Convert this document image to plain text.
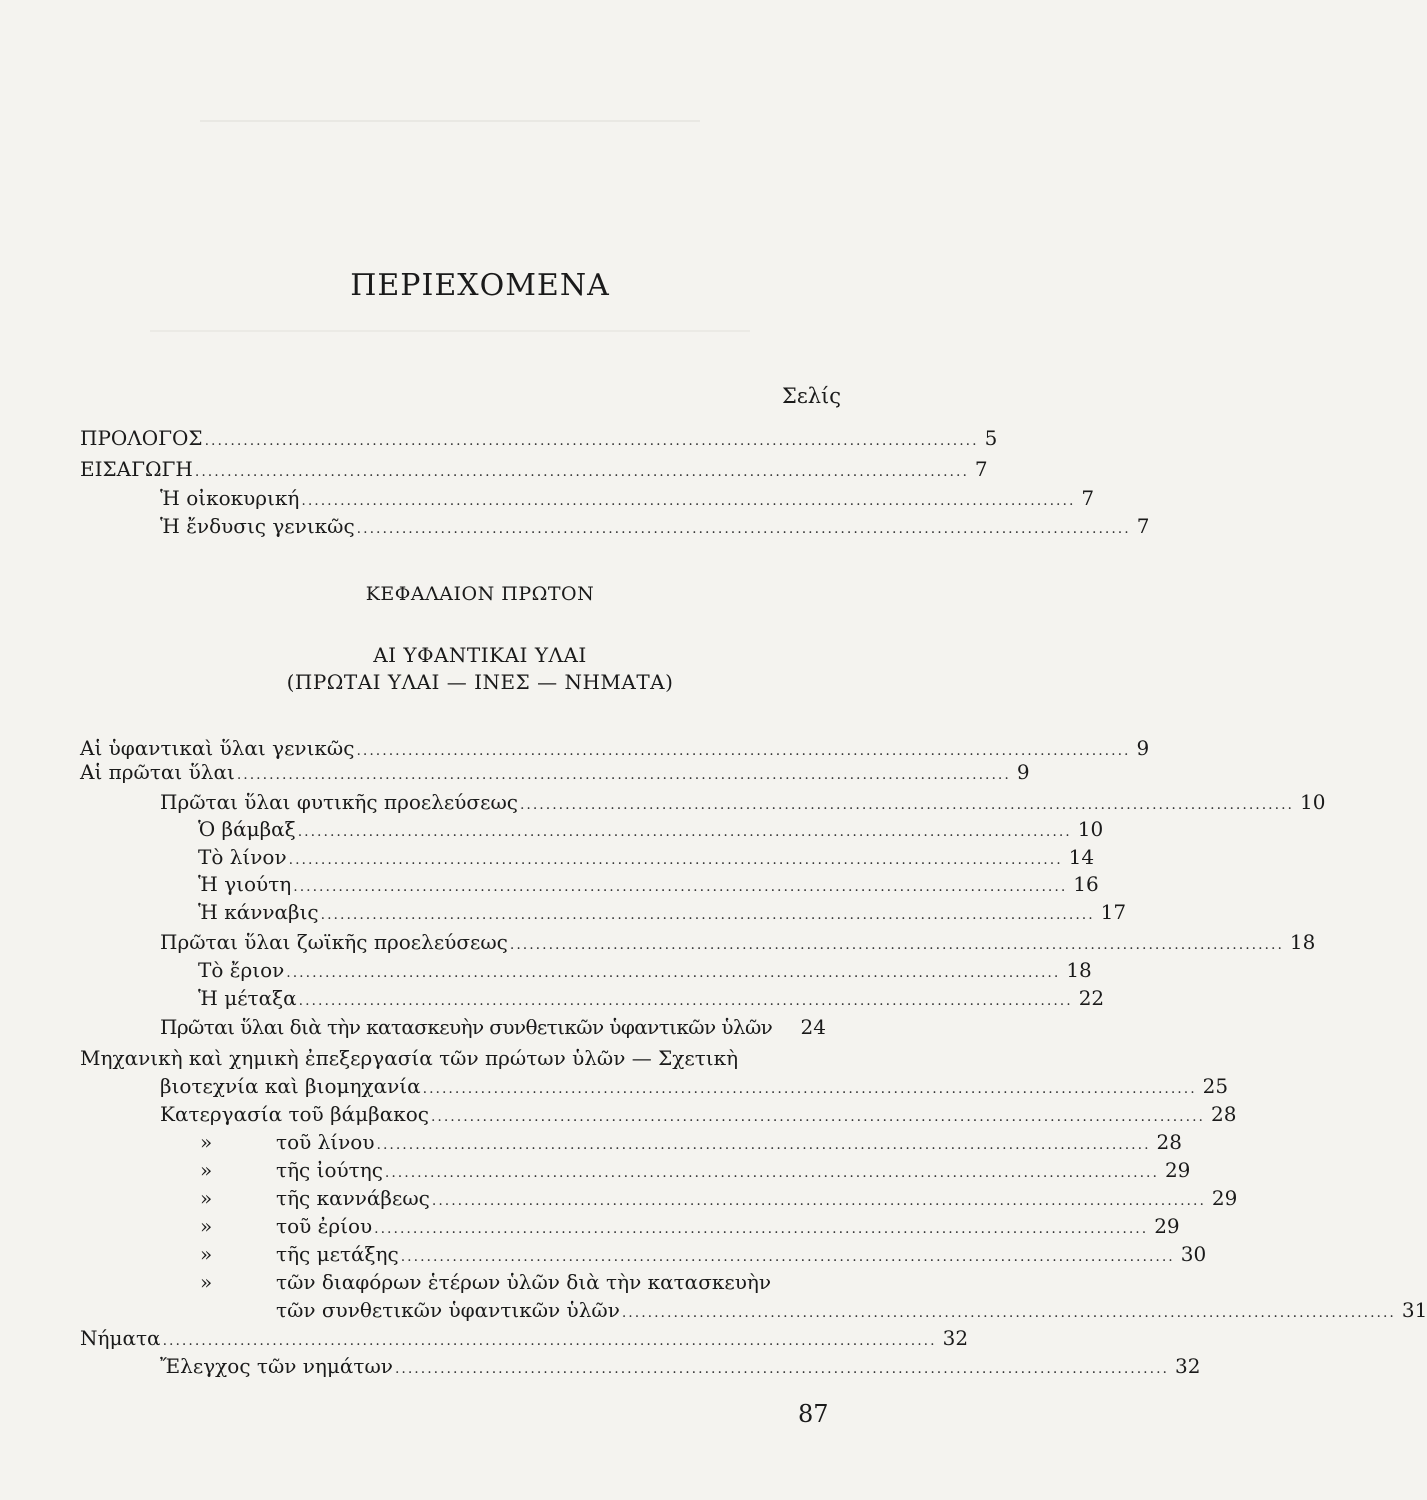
ΠΕΡΙΕΧΟΜΕΝΑ
Σελίς
ΠΡΟΛΟΓΟΣ ........................................................................................................................ 5
ΕΙΣΑΓΩΓΗ ........................................................................................................................ 7
Ἡ οἰκοκυρική ........................................................................................................................ 7
Ἡ ἔνδυσις γενικῶς ........................................................................................................................ 7
ΚΕΦΑΛΑΙΟΝ ΠΡΩΤΟΝ
ΑΙ ΥΦΑΝΤΙΚΑΙ ΥΛΑΙ
(ΠΡΩΤΑΙ ΥΛΑΙ — ΙΝΕΣ — ΝΗΜΑΤΑ)
Αἱ ὑφαντικαὶ ὕλαι γενικῶς ........................................................................................................................ 9
Αἱ πρῶται ὕλαι ........................................................................................................................ 9
Πρῶται ὕλαι φυτικῆς προελεύσεως ........................................................................................................................ 10
Ὁ βάμβαξ ........................................................................................................................ 10
Τὸ λίνον ........................................................................................................................ 14
Ἡ γιούτη ........................................................................................................................ 16
Ἡ κάνναβις ........................................................................................................................ 17
Πρῶται ὕλαι ζωϊκῆς προελεύσεως ........................................................................................................................ 18
Τὸ ἔριον ........................................................................................................................ 18
Ἡ μέταξα ........................................................................................................................ 22
Πρῶται ὕλαι διὰ τὴν κατασκευὴν συνθετικῶν ὑφαντικῶν ὑλῶν 24
Μηχανικὴ καὶ χημικὴ ἐπεξεργασία τῶν πρώτων ὑλῶν — Σχετικὴ
βιοτεχνία καὶ βιομηχανία ........................................................................................................................ 25
Κατεργασία τοῦ βάμβακος ........................................................................................................................ 28
»	τοῦ λίνου ........................................................................................................................ 28
»	τῆς ἰούτης ........................................................................................................................ 29
»	τῆς καννάβεως ........................................................................................................................ 29
»	τοῦ ἐρίου ........................................................................................................................ 29
»	τῆς μετάξης ........................................................................................................................ 30
»	τῶν διαφόρων ἑτέρων ὑλῶν διὰ τὴν κατασκευὴν
τῶν συνθετικῶν ὑφαντικῶν ὑλῶν ........................................................................................................................ 31
Νήματα ........................................................................................................................ 32
Ἔλεγχος τῶν νημάτων ........................................................................................................................ 32
87
